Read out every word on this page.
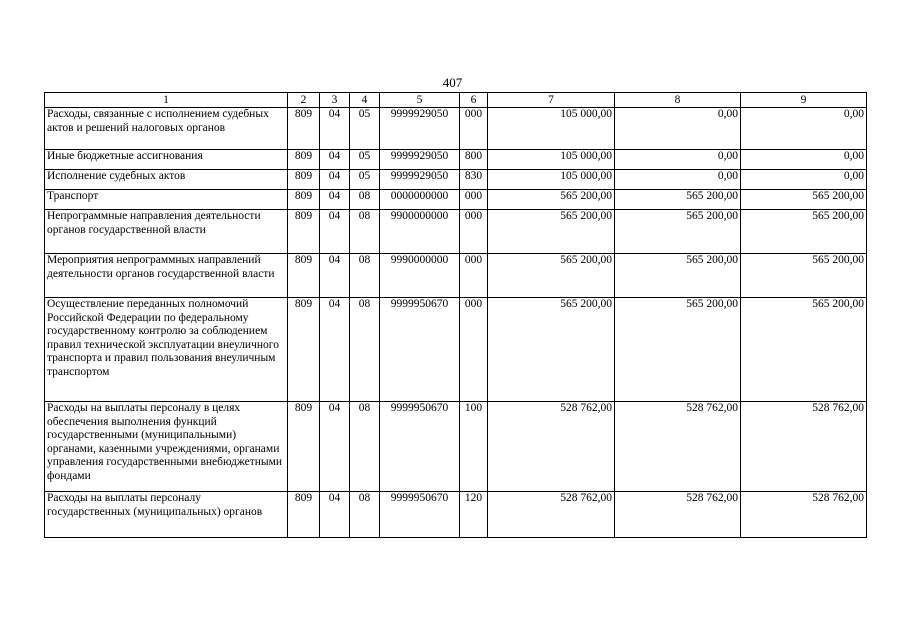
407
1	2	3	4	5	6	7	8	9
Расходы, связанные с исполнением судебных актов и решений налоговых органов	809	04	05	9999929050	000	105 000,00	0,00	0,00

Иные бюджетные ассигнования	809	04	05	9999929050	800	105 000,00	0,00	0,00

Исполнение судебных актов	809	04	05	9999929050	830	105 000,00	0,00	0,00

Транспорт	809	04	08	0000000000	000	565 200,00	565 200,00	565 200,00

Непрограммные направления деятельности органов государственной власти	809	04	08	9900000000	000	565 200,00	565 200,00	565 200,00

Мероприятия непрограммных направлений деятельности органов государственной власти	809	04	08	9990000000	000	565 200,00	565 200,00	565 200,00

Осуществление переданных полномочий Российской Федерации по федеральному государственному контролю за соблюдением правил технической эксплуатации внеуличного транспорта и правил пользования внеуличным транспортом	809	04	08	9999950670	000	565 200,00	565 200,00	565 200,00

Расходы на выплаты персоналу в целях обеспечения выполнения функций государственными (муниципальными) органами, казенными учреждениями, органами управления государственными внебюджетными фондами	809	04	08	9999950670	100	528 762,00	528 762,00	528 762,00

Расходы на выплаты персоналу государственных (муниципальных) органов	809	04	08	9999950670	120	528 762,00	528 762,00	528 762,00
